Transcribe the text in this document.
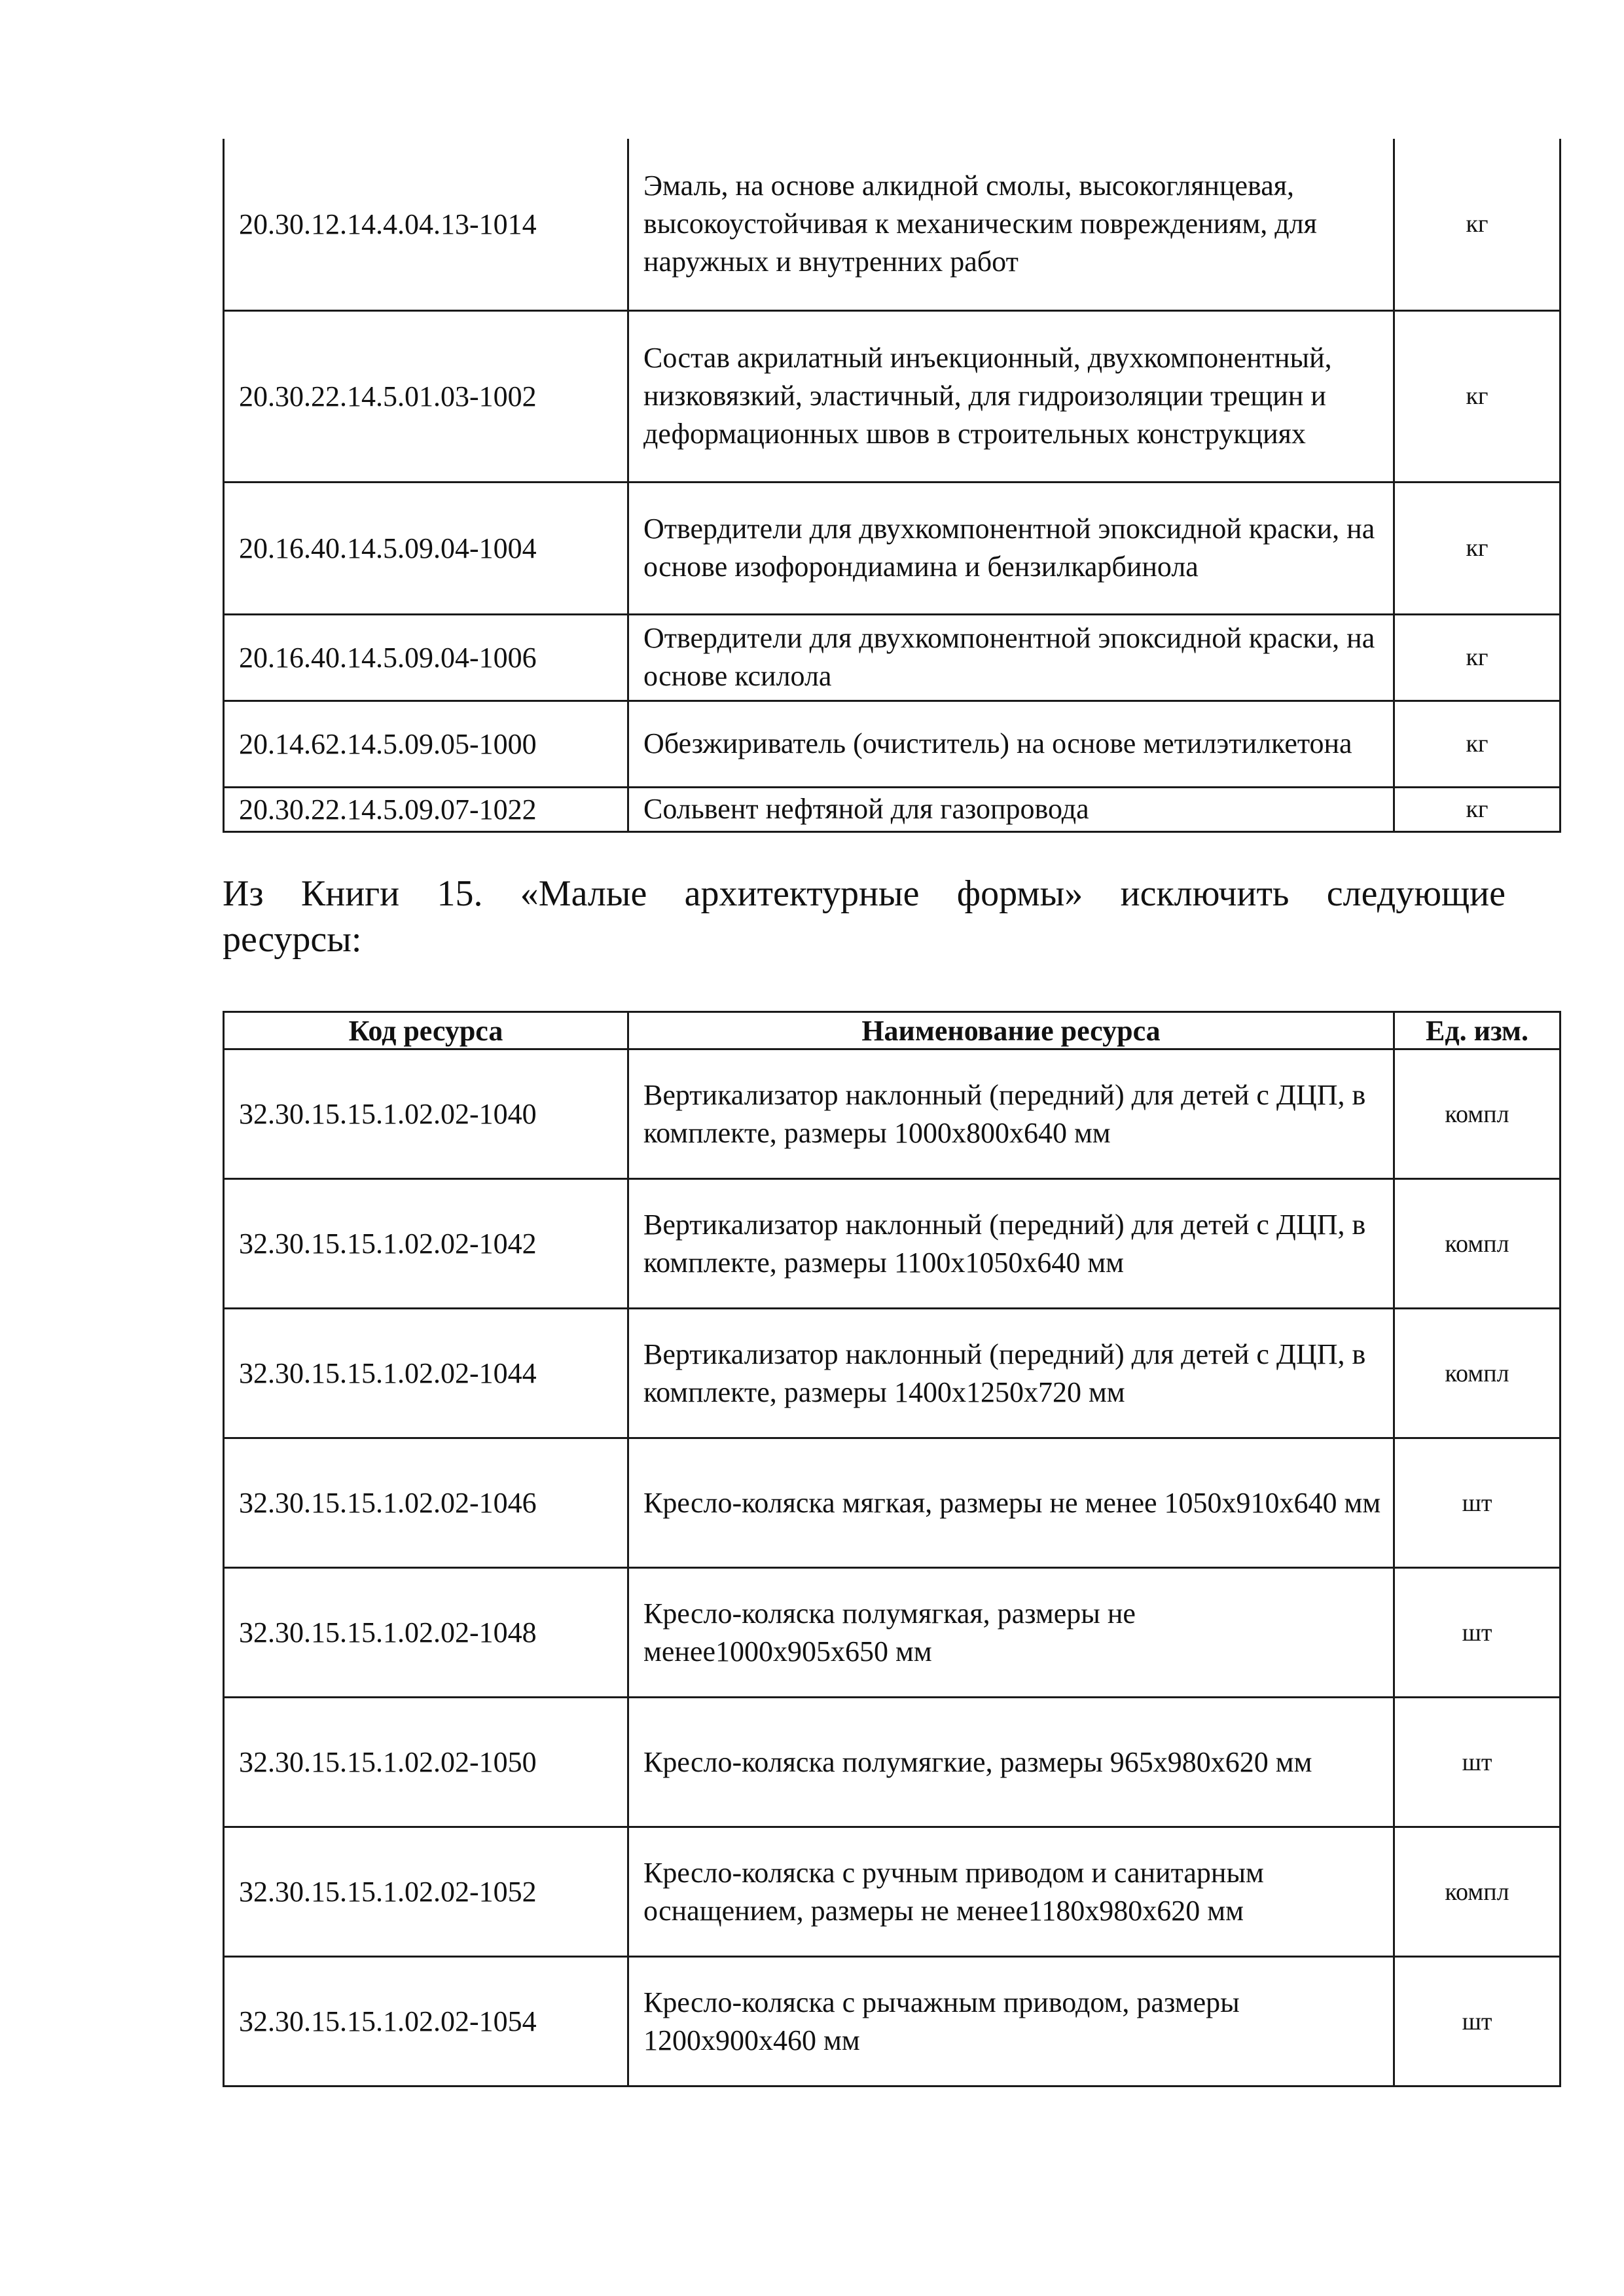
20.30.12.14.4.04.13-1014	Эмаль, на основе алкидной смолы, высокоглянцевая, высокоустойчивая к механическим повреждениям, для наружных и внутренних работ	кг
20.30.22.14.5.01.03-1002	Состав акрилатный инъекционный, двухкомпонентный, низковязкий, эластичный, для гидроизоляции трещин и деформационных швов в строительных конструкциях	кг
20.16.40.14.5.09.04-1004	Отвердители для двухкомпонентной эпоксидной краски, на основе изофорондиамина и бензилкарбинола	кг
20.16.40.14.5.09.04-1006	Отвердители для двухкомпонентной эпоксидной краски, на основе ксилола	кг
20.14.62.14.5.09.05-1000	Обезжириватель (очиститель) на основе метилэтилкетона	кг
20.30.22.14.5.09.07-1022	Сольвент нефтяной для газопровода	кг
Из Книги 15. «Малые архитектурные формы» исключить следующие
ресурсы:
Код ресурса	Наименование ресурса	Ед. изм.
32.30.15.15.1.02.02-1040	Вертикализатор наклонный (передний) для детей с ДЦП, в комплекте, размеры 1000х800х640 мм	компл
32.30.15.15.1.02.02-1042	Вертикализатор наклонный (передний) для детей с ДЦП, в комплекте, размеры 1100х1050х640 мм	компл
32.30.15.15.1.02.02-1044	Вертикализатор наклонный (передний) для детей с ДЦП, в комплекте, размеры 1400х1250х720 мм	компл
32.30.15.15.1.02.02-1046	Кресло-коляска мягкая, размеры не менее 1050х910х640 мм	шт
32.30.15.15.1.02.02-1048	Кресло-коляска полумягкая, размеры не менее1000х905х650 мм	шт
32.30.15.15.1.02.02-1050	Кресло-коляска полумягкие, размеры 965х980х620 мм	шт
32.30.15.15.1.02.02-1052	Кресло-коляска с ручным приводом и санитарным оснащением, размеры не менее1180х980х620 мм	компл
32.30.15.15.1.02.02-1054	Кресло-коляска с рычажным приводом, размеры 1200х900х460 мм	шт
